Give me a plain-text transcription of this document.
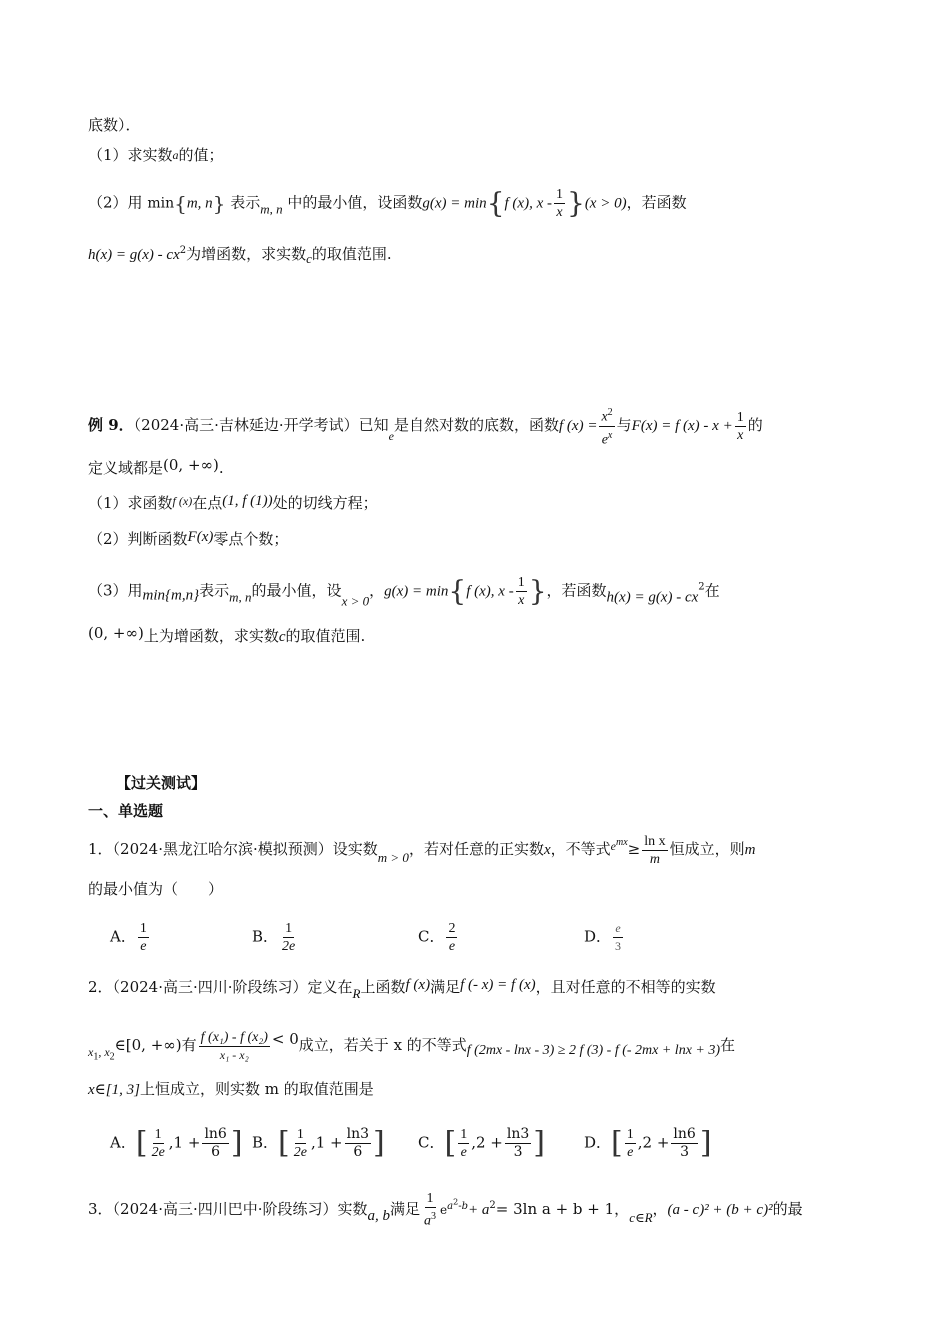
底数）．
（1）求实数$^a$的值；
（2）用 min{m, n} 表示m, n 中的最小值，设函数g(x) = min{f (x), $x - \frac{1}{x} \}(x > 0)$，若函数
$h(x) = g(x) - cx^2$为增函数，求实数c的取值范围.
例 9．（2024·高三·吉林延边·开学考试）已知$_e$是自然对数的底数，函数f $(x) = \frac{x^2}{e^x}$ 与F(x) = f $(x) - x + \frac{1}{x}$ 的
定义域都是(0, +∞).
（1）求函数$^{f (x)}$在点(1, f (1))处的切线方程；
（2）判断函数F(x)零点个数；
（3）用min{m,n}表示m, n的最小值，设x > 0，g(x) = min{f (x), x - $\frac{1}{x}$ }，若函数$h(x) = g(x) - cx^2$在
(0, +∞)上为增函数，求实数c的取值范围.
【过关测试】
一、单选题
1．（2024·黑龙江哈尔滨·模拟预测）设实数m > 0，若对任意的正实数x，不等式$^{e^{mx}}\ge \frac{\text{ln x}}{m}$ 恒成立，则m
的最小值为（　　）
A． $\frac{1}{e}$	B． $\frac{1}{2e}$	C． $\frac{2}{e}$	D． $\frac{e}{3}$
2．（2024·高三·四川·阶段练习）定义在R上函数f (x)满足f (- x) = f (x)，且对任意的不相等的实数
$_{x_1, x_2}$∈[0, +∞)有 $\frac{\text{f (x₁) - f (x₂)}}{\text{x₁ - x₂}} < 0$成立，若关于 x 的不等式f (2mx - lnx - 3) ≥ 2 f (3) - f (- 2mx + lnx + 3)在
x∈[1, 3]上恒成立，则实数 m 的取值范围是
A．[ $\frac{1}{2e} ,1 + \frac{\ln 6}{6}$ ] B．[ $\frac{1}{2e} ,1 + \frac{\ln 3}{6}$ ] C．[ $\frac{1}{e} ,2 + \frac{\ln 3}{3}$ ]	D．[ $\frac{1}{e} ,2 + \frac{\ln 6}{3}$ ]
3．（2024·高三·四川巴中·阶段练习）实数a, b满足 $\frac{1}{a^3} e^{a^2-b}+ a^2= 3\ln$ a + b + 1，c∈R，(a - c)² + (b + c)²的最
